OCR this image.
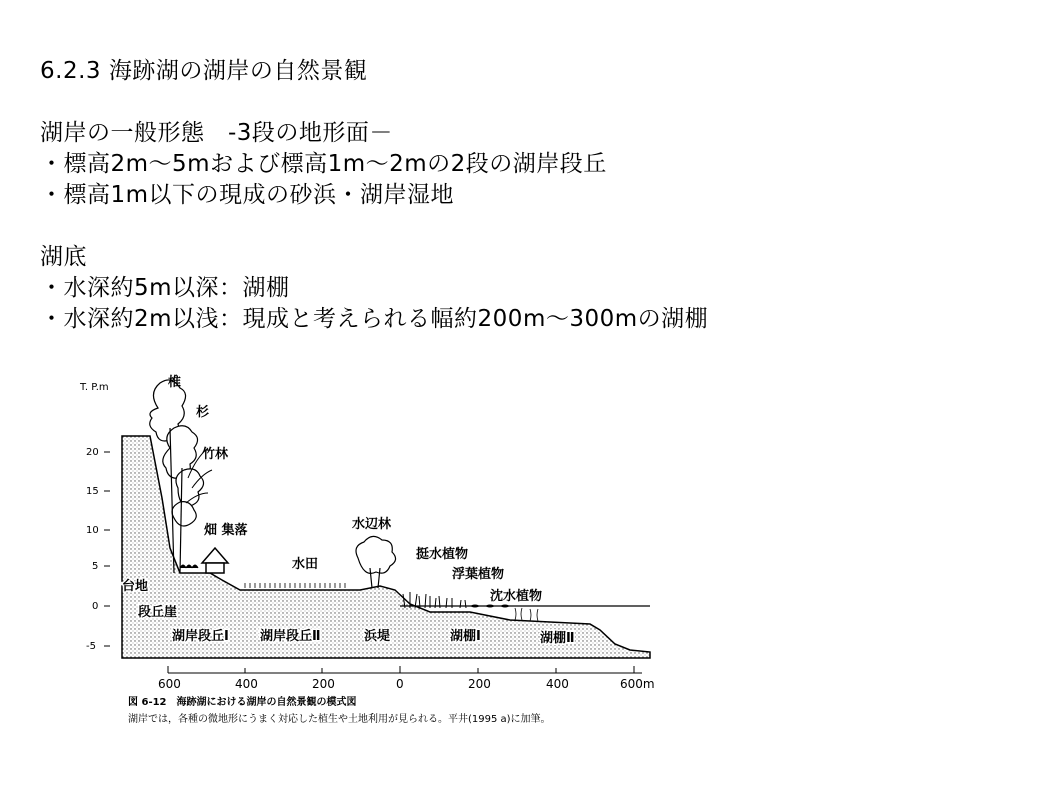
6.2.3 海跡湖の湖岸の自然景観
湖岸の一般形態　-3段の地形面－
・標高2m～5mおよび標高1m～2mの2段の湖岸段丘
・標高1m以下の現成の砂浜・湖岸湿地
湖底
・水深約5m以深：湖棚
・水深約2m以浅：現成と考えられる幅約200m～300mの湖棚
T. P.m
20
15
10
5
0
-5
椎
杉
竹林
畑 集落
水田
水辺林
挺水植物
浮葉植物
沈水植物
台地
段丘崖
湖岸段丘Ⅰ 湖岸段丘Ⅱ	浜堤	湖棚Ⅰ	湖棚Ⅱ
600	400	200	0	200	400	600m
図 6-12　海跡湖における湖岸の自然景観の模式図
湖岸では，各種の微地形にうまく対応した植生や土地利用が見られる。平井(1995 a)に加筆。
